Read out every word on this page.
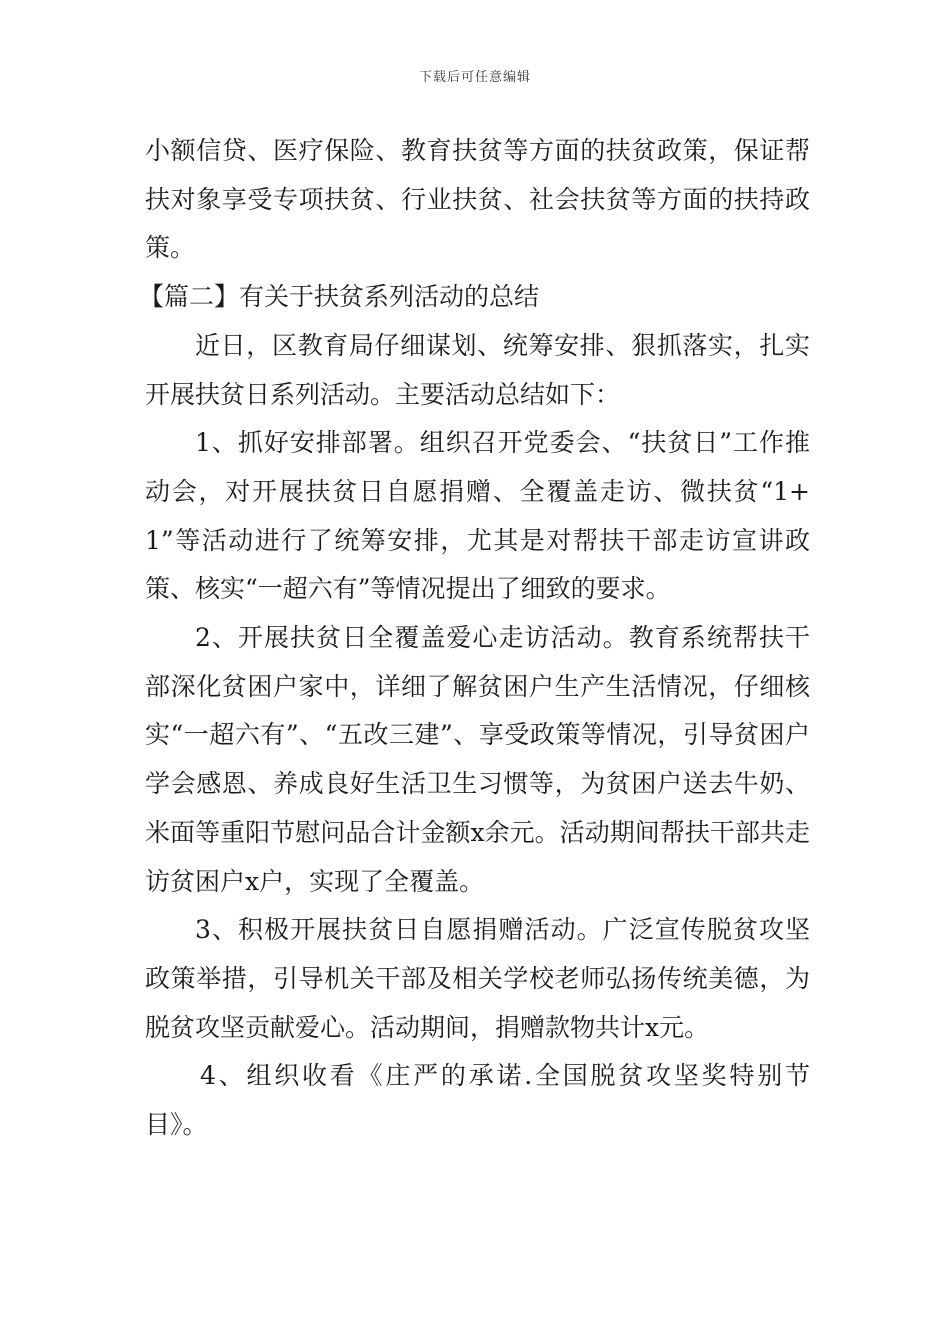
下载后可任意编辑

小额信贷、医疗保险、教育扶贫等方面的扶贫政策，保证帮扶对象享受专项扶贫、行业扶贫、社会扶贫等方面的扶持政策。

【篇二】有关于扶贫系列活动的总结

近日，区教育局仔细谋划、统筹安排、狠抓落实，扎实开展扶贫日系列活动。主要活动总结如下：

1、抓好安排部署。组织召开党委会、“扶贫日”工作推动会，对开展扶贫日自愿捐赠、全覆盖走访、微扶贫“1+1”等活动进行了统筹安排，尤其是对帮扶干部走访宣讲政策、核实“一超六有”等情况提出了细致的要求。

2、开展扶贫日全覆盖爱心走访活动。教育系统帮扶干部深化贫困户家中，详细了解贫困户生产生活情况，仔细核实“一超六有”、“五改三建”、享受政策等情况，引导贫困户学会感恩、养成良好生活卫生习惯等，为贫困户送去牛奶、米面等重阳节慰问品合计金额x余元。活动期间帮扶干部共走访贫困户x户，实现了全覆盖。

3、积极开展扶贫日自愿捐赠活动。广泛宣传脱贫攻坚政策举措，引导机关干部及相关学校老师弘扬传统美德，为脱贫攻坚贡献爱心。活动期间，捐赠款物共计x元。

4、组织收看《庄严的承诺.全国脱贫攻坚奖特别节目》。
